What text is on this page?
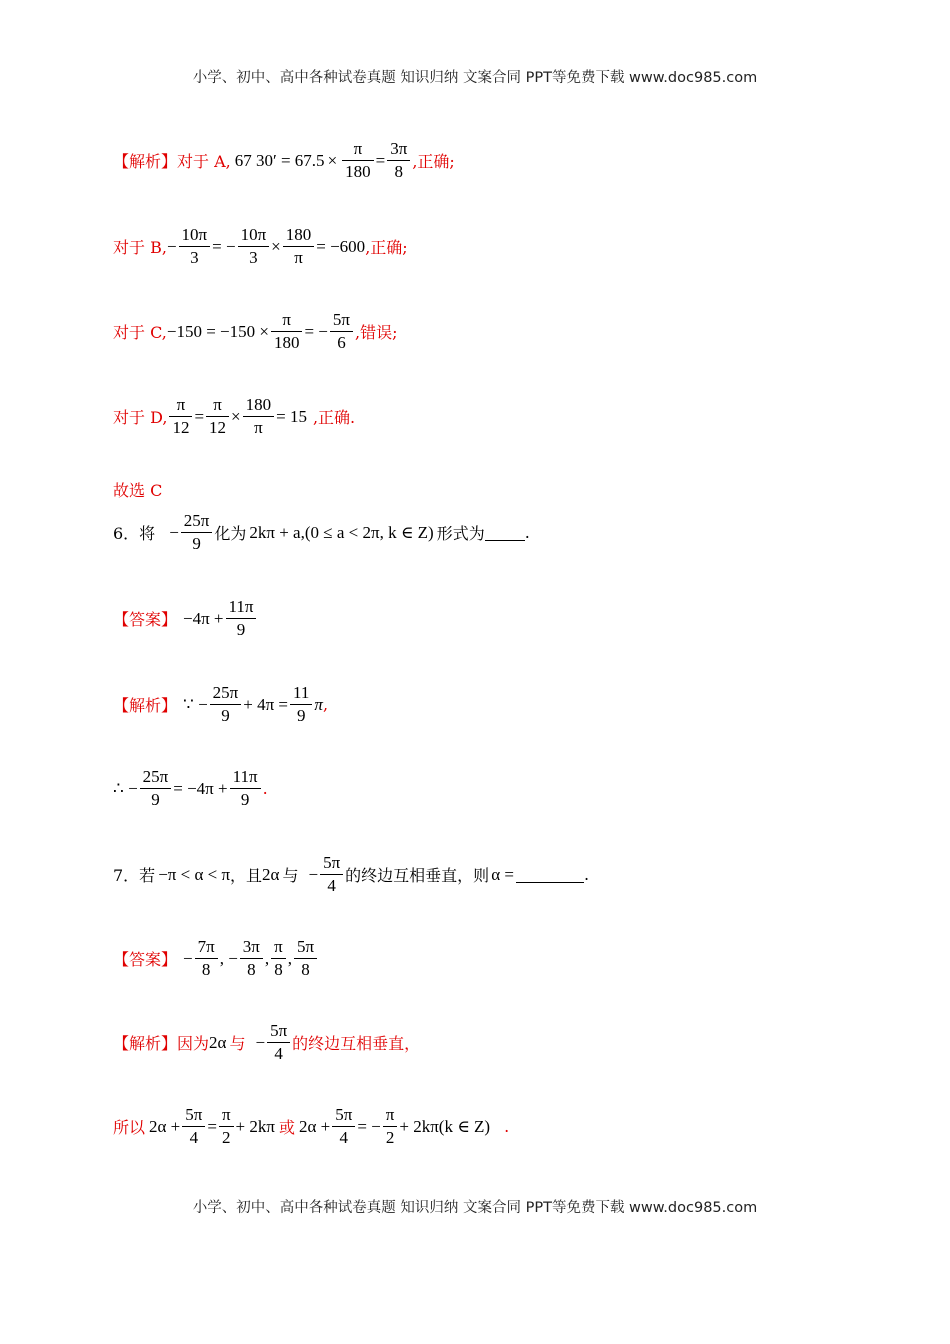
小学、初中、高中各种试卷真题 知识归纳 文案合同 PPT等免费下载 www.doc985.com
【解析】 对于 A, 67 $30' = 67.5 \times \frac{\pi}{180} = \frac{3\pi}{8}$ ,正确;
对于 B, − $\frac{10\pi}{3}$ = − $\frac{10\pi}{3} \times \frac{180}{\pi} = -600$ ,正确;
对于 C, $-150 = -150 \times \frac{\pi}{180}$ = − $\frac{5\pi}{6}$ ,错误;
对于 D, $\frac{\pi}{12} = \frac{\pi}{12} \times \frac{180}{\pi} = 15$ ,正确.
故选 C
6．将 − $\frac{25\pi}{9}$ 化为 2kπ + a,(0 ≤ a < 2π, k ∈ Z) 形式为	.
【答案】 $-4\pi + \frac{11\pi}{9}$
【解析】 ∵ − $\frac{25\pi}{9} + 4\pi = \frac{11}{9}$ π ,
∴ − $\frac{25\pi}{9} = -4\pi + \frac{11\pi}{9}$ .
7．若 −π < α < π ，且 2α 与 − $\frac{5\pi}{4}$ 的终边互相垂直，则 α =	.
【答案】 − $\frac{7\pi}{8}$ , − $\frac{3\pi}{8}$ , $\frac{\pi}{8}$ , $\frac{5\pi}{8}$
【解析】 因为 2α 与 − $\frac{5\pi}{4}$ 的终边互相垂直，
所以 $2\alpha + \frac{5\pi}{4} = \frac{\pi}{2} + 2k\pi$ 或 $2\alpha + \frac{5\pi}{4}$ = − $\frac{\pi}{2} + 2k\pi(k$ ∈ Z) .
小学、初中、高中各种试卷真题 知识归纳 文案合同 PPT等免费下载 www.doc985.com
